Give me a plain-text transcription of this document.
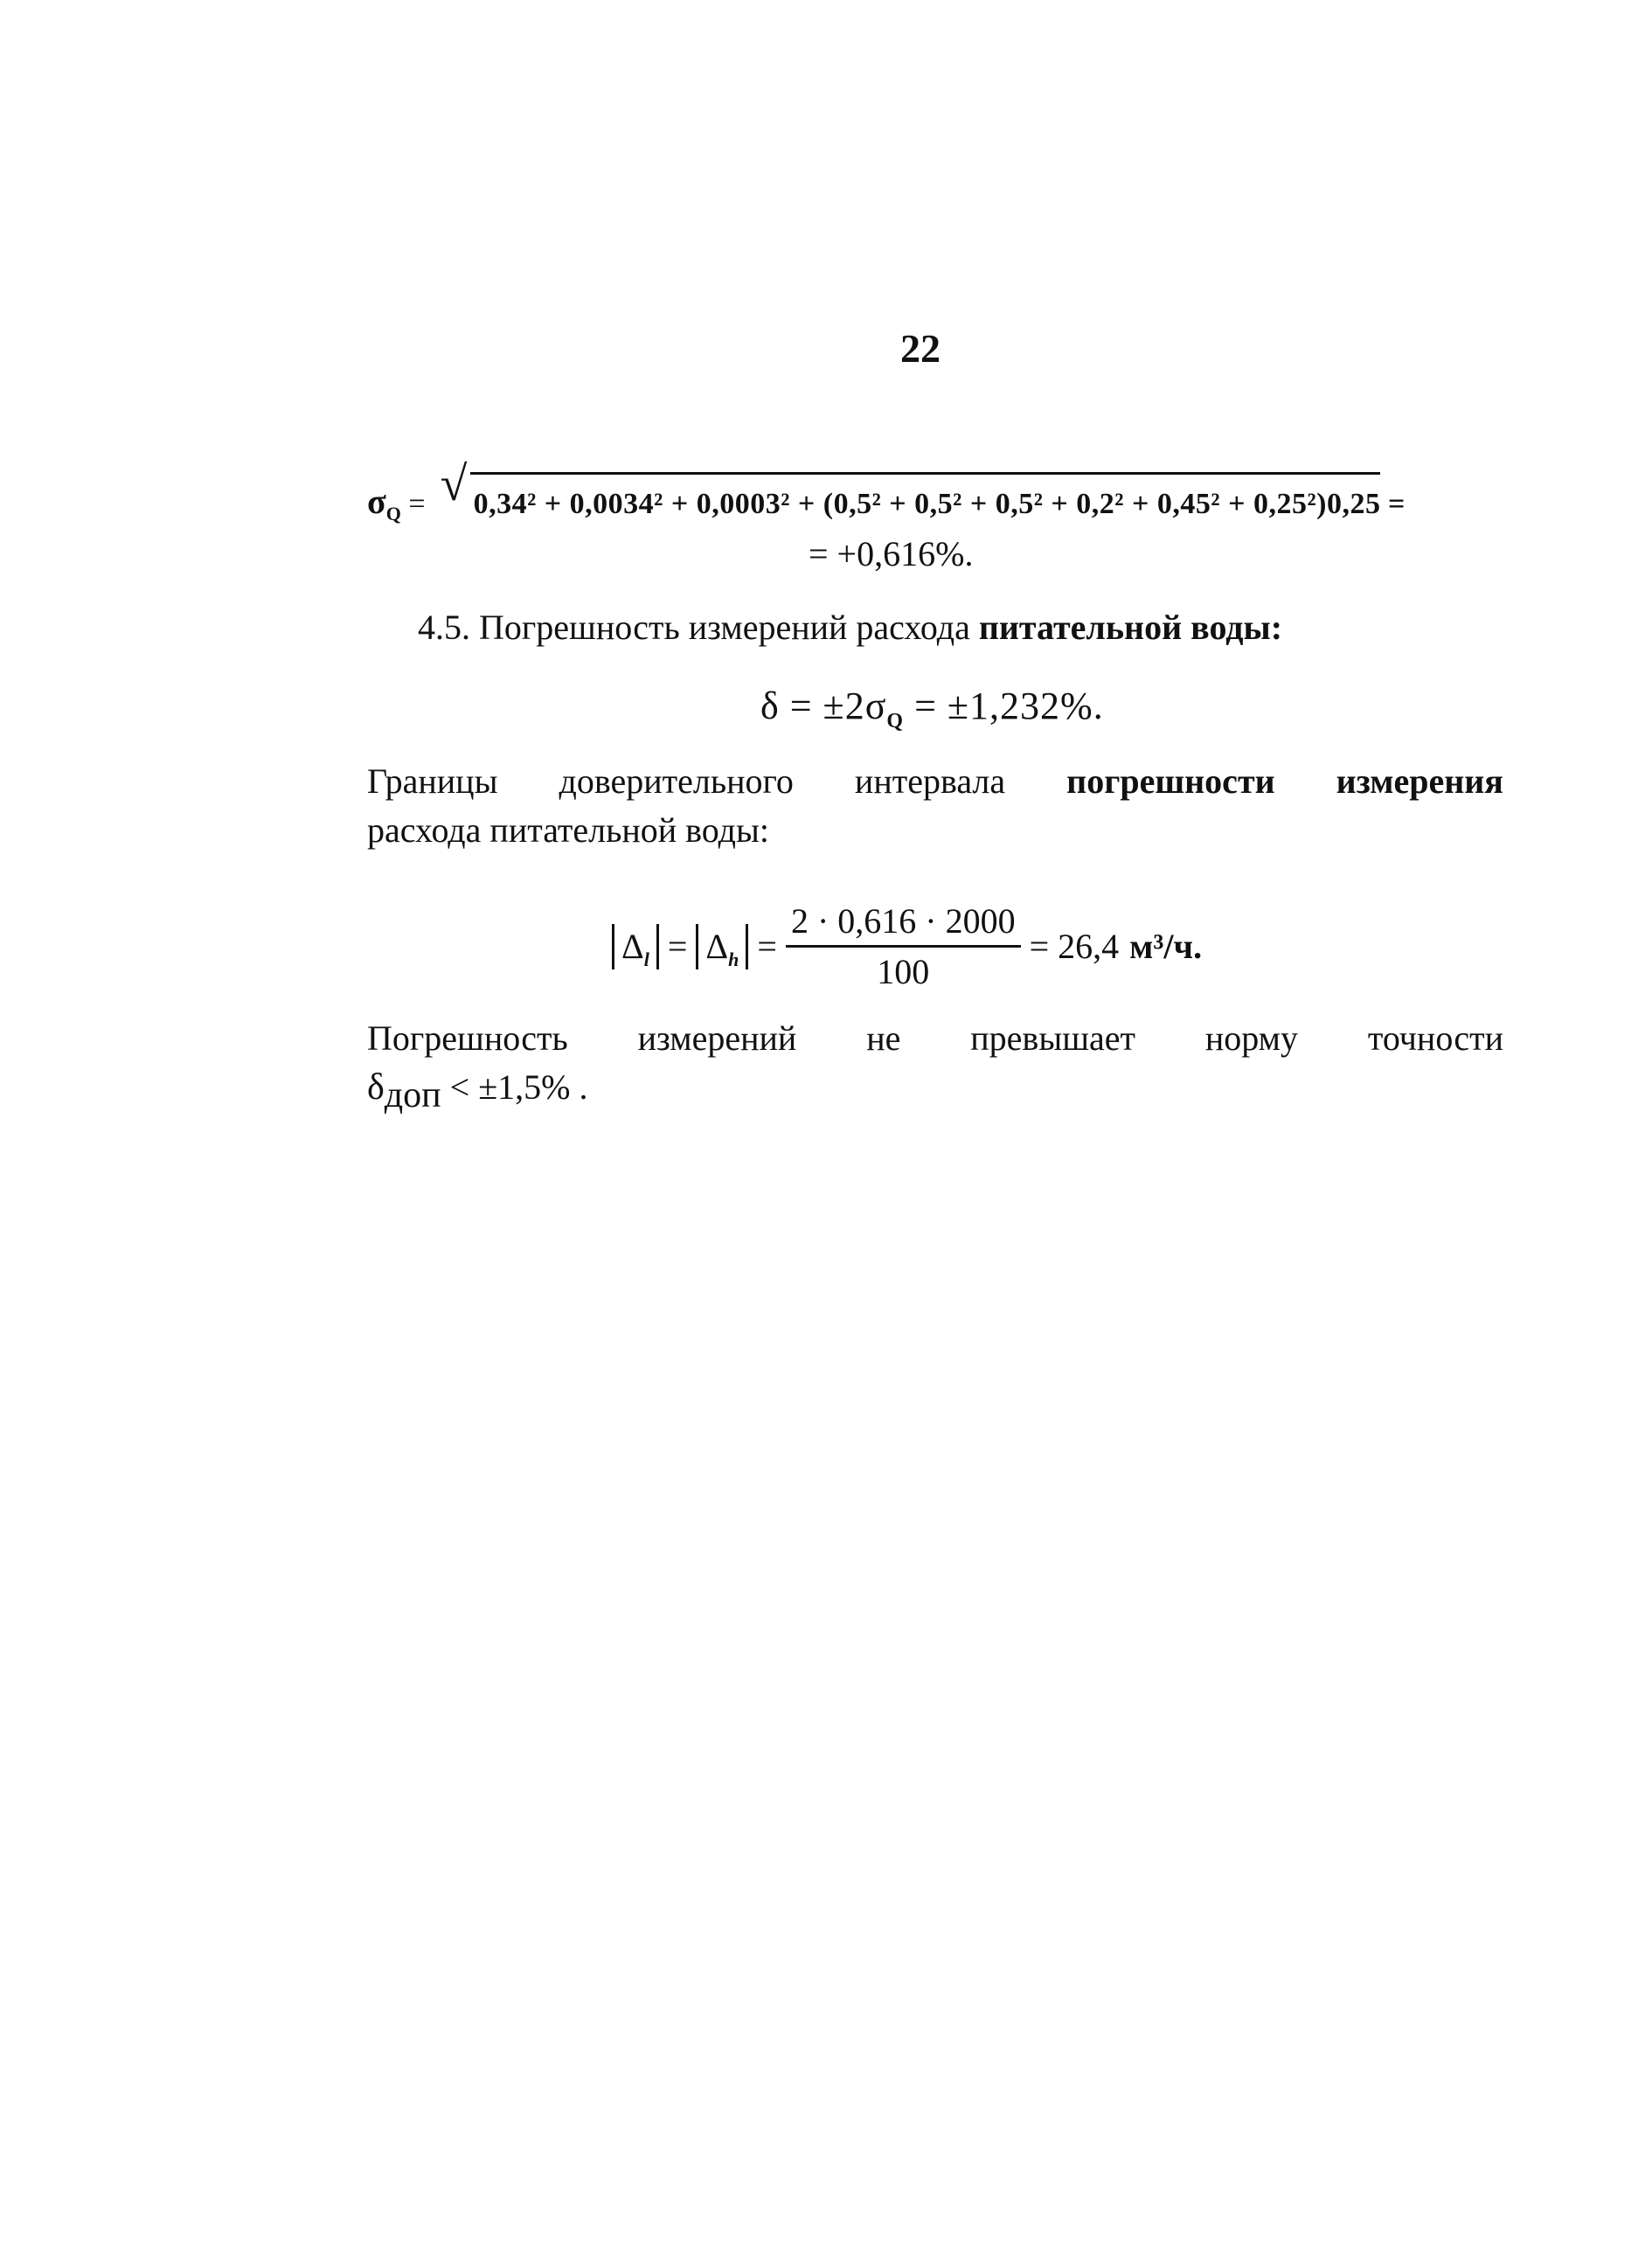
22
$\sigma_Q$ = √ 0,34² + 0,0034² + 0,0003² + (0,5² + 0,5² + 0,5² + 0,2² + 0,45² + 0,25²)0,25 =
= +0,616%.
4.5. Погрешность измерений расхода питательной воды:
$\delta = \pm 2\sigma_Q = \pm 1,232\%$.
Границы доверительного интервала погрешности измерения
расхода питательной воды:
$\Delta_l = \Delta_h = \frac{2 \cdot 0,616 \cdot 2000}{100} = 26,4$ м³/ч.
Погрешность измерений не превышает норму точности
$\delta_{доп} < \pm 1,5\%$ .
